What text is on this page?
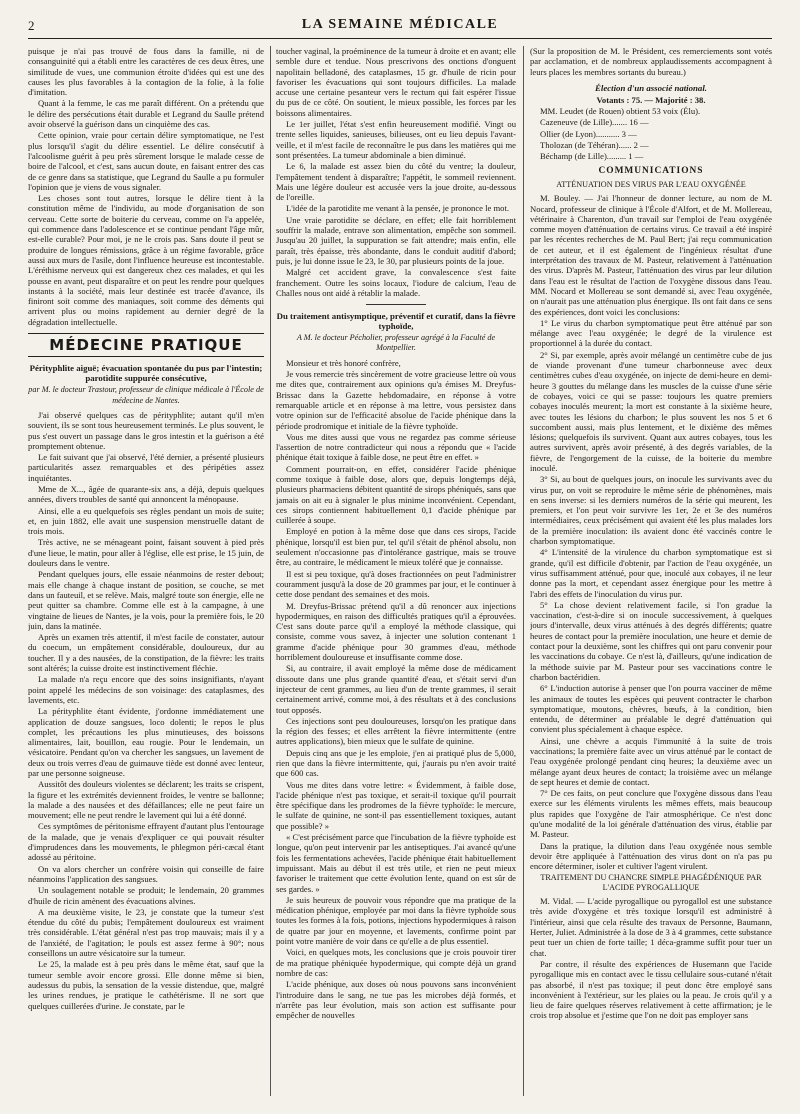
2	LA SEMAINE MÉDICALE

puisque je n'ai pas trouvé de fous dans la famille, ni de consanguinité qui a établi entre les caractères de ces deux êtres, une similitude de vues, une communion étroite d'idées qui est une des causes les plus favorables à la contagion de la folie, à la folie d'imitation.

Quant à la femme, le cas me paraît différent. On a prétendu que le délire des persécutions était durable et Legrand du Saulle prétend avoir observé la guérison dans un cinquième des cas.

Cette opinion, vraie pour certain délire symptomatique, ne l'est plus lorsqu'il s'agit du délire essentiel. Le délire consécutif à l'alcoolisme guérit à peu près sûrement lorsque le malade cesse de boire de l'alcool, et c'est, sans aucun doute, en faisant entrer des cas de ce genre dans sa statistique, que Legrand du Saulle a pu formuler l'opinion que je viens de vous signaler.

Les choses sont tout autres, lorsque le délire tient à la constitution même de l'individu, au mode d'organisation de son cerveau. Cette sorte de boiterie du cerveau, comme on l'a appelée, qui commence dans l'adolescence et se continue pendant l'âge mûr, est-elle curable? Pour moi, je ne le crois pas. Sans doute il peut se produire de longues rémissions, grâce à un régime favorable, grâce aussi aux murs de l'asile, dont l'influence heureuse est incontestable. L'éréthisme nerveux qui est dangereux chez ces malades, et qui les pousse en avant, peut disparaître et on peut les rendre pour quelques instants à la société, mais leur destinée est tracée d'avance, ils finiront soit comme des maniaques, soit comme des déments qui arrivent plus ou moins rapidement au dernier degré de la dégradation intellectuelle.

MÉDECINE PRATIQUE
Pérityphlite aiguë; évacuation spontanée du pus par l'intestin; parotidite suppurée consécutive,
par M. le docteur Trastour, professeur de clinique médicale à l'École de médecine de Nantes.

J'ai observé quelques cas de pérityphlite; autant qu'il m'en souvient, ils se sont tous heureusement terminés. Le plus souvent, le pus s'est ouvert un passage dans le gros intestin et la guérison a été promptement obtenue.

Le fait suivant que j'ai observé, l'été dernier, a présenté plusieurs particularités assez remarquables et des péripéties assez inquiétantes.

Mme de X..., âgée de quarante-six ans, a déjà, depuis quelques années, divers troubles de santé qui annoncent la ménopause.

Ainsi, elle a eu quelquefois ses règles pendant un mois de suite; et, en juin 1882, elle avait une suspension menstruelle datant de trois mois.

Très active, ne se ménageant point, faisant souvent à pied près d'une lieue, le matin, pour aller à l'église, elle est prise, le 15 juin, de douleurs dans le ventre.

Pendant quelques jours, elle essaie néanmoins de rester debout; mais elle change à chaque instant de position, se couche, se met dans un fauteuil, et se relève. Mais, malgré toute son énergie, elle ne peut quitter sa chambre. Comme elle est à la campagne, à une vingtaine de lieues de Nantes, je la vois, pour la première fois, le 20 juin, dans la matinée.

Après un examen très attentif, il m'est facile de constater, autour du coecum, un empâtement considérable, douloureux, dur au toucher. Il y a des nausées, de la constipation, de la fièvre: les traits sont altérés; la cuisse droite est instinctivement fléchie.

La malade n'a reçu encore que des soins insignifiants, n'ayant point appelé les médecins de son voisinage: des cataplasmes, des lavements, etc.

La pérityphlite étant évidente, j'ordonne immédiatement une application de douze sangsues, loco dolenti; le repos le plus complet, les précautions les plus minutieuses, des boissons alimentaires, lait, bouillon, eau rougie. Pour le lendemain, un vésicatoire. Pendant qu'on va chercher les sangsues, un lavement de deux ou trois verres d'eau de guimauve tiède est donné avec lenteur, par une personne soigneuse.

Aussitôt des douleurs violentes se déclarent; les traits se crispent, la figure et les extrémités deviennent froides, le ventre se ballonne; la malade a des nausées et des défaillances; elle ne peut faire un mouvement; elle ne peut rendre le lavement qui lui a été donné.

Ces symptômes de péritonisme effrayent d'autant plus l'entourage de la malade, que je venais d'expliquer ce qui pouvait résulter d'imprudences dans les mouvements, le phlegmon péri-cæcal étant adossé au péritoine.

On va alors chercher un confrère voisin qui conseille de faire néanmoins l'application des sangsues.

Un soulagement notable se produit; le lendemain, 20 grammes d'huile de ricin amènent des évacuations alvines.

A ma deuxième visite, le 23, je constate que la tumeur s'est étendue du côté du pubis; l'empâtement douloureux est vraiment très considérable. L'état général n'est pas trop mauvais; mais il y a de l'anxiété, de l'agitation; le pouls est assez ferme à 90°; nous conseillons un autre vésicatoire sur la tumeur.

Le 25, la malade est à peu près dans le même état, sauf que la tumeur semble avoir encore grossi. Elle donne même si bien, audessus du pubis, la sensation de la vessie distendue, que, malgré les urines rendues, je pratique le cathétérisme. Il ne sort que quelques cuillerées d'urine. Je constate, par le

toucher vaginal, la proéminence de la tumeur à droite et en avant; elle semble dure et tendue. Nous prescrivons des onctions d'onguent napolitain belladoné, des cataplasmes, 15 gr. d'huile de ricin pour favoriser les évacuations qui sont toujours difficiles. La malade accuse une certaine pesanteur vers le rectum qui fait espérer l'issue du pus de ce côté. On soutient, le mieux possible, les forces par les boissons alimentaires.

Le 1er juillet, l'état s'est enfin heureusement modifié. Vingt ou trente selles liquides, sanieuses, bilieuses, ont eu lieu depuis l'avant-veille, et il m'est facile de reconnaître le pus dans les matières qui me sont présentées. La tumeur abdominale a bien diminué.

Le 6, la malade est assez bien du côté du ventre; la douleur, l'empâtement tendent à disparaître; l'appétit, le sommeil reviennent. Mais une légère douleur est accusée vers la joue droite, au-dessous de l'oreille.

L'idée de la parotidite me venant à la pensée, je prononce le mot.

Une vraie parotidite se déclare, en effet; elle fait horriblement souffrir la malade, entrave son alimentation, empêche son sommeil. Jusqu'au 20 juillet, la suppuration se fait attendre; mais enfin, elle paraît, très épaisse, très abondante, dans le conduit auditif d'abord; puis, je lui donne issue le 23, le 30, par plusieurs points de la joue.

Malgré cet accident grave, la convalescence s'est faite franchement. Outre les soins locaux, l'iodure de calcium, l'eau de Challes nous ont aidé à rétablir la malade.

Du traitement antisymptique, préventif et curatif, dans la fièvre typhoïde,
A M. le docteur Pécholier, professeur agrégé à la Faculté de Montpellier.

Monsieur et très honoré confrère,

Je vous remercie très sincèrement de votre gracieuse lettre où vous me dites que, contrairement aux opinions qu'a émises M. Dreyfus-Brissac dans la Gazette hebdomadaire, en réponse à votre remarquable article et en réponse à ma lettre, vous persistez dans votre opinion sur de l'efficacité absolue de l'acide phénique dans la période prodromique et initiale de la fièvre typhoïde.

Vous me dites aussi que vous ne regardez pas comme sérieuse l'assertion de notre contradicteur qui nous a répondu que « l'acide phénique était toxique à faible dose, ne peut être en effet. »

Comment pourrait-on, en effet, considérer l'acide phénique comme toxique à faible dose, alors que, depuis longtemps déjà, plusieurs pharmaciens débitent quantité de sirops phéniqués, sans que jamais on ait eu à signaler le plus minime inconvénient. Cependant, ces sirops contiennent habituellement 0,1 d'acide phénique par cuillerée à soupe.

Employé en potion à la même dose que dans ces sirops, l'acide phénique, lorsqu'il est bien pur, tel qu'il s'était de phénol absolu, non seulement n'occasionne pas d'intolérance gastrique, mais se trouve être, au contraire, le médicament le mieux toléré que je connaisse.

Il est si peu toxique, qu'à doses fractionnées on peut l'administrer couramment jusqu'à la dose de 20 grammes par jour, et le continuer à cette dose pendant des semaines et des mois.

M. Dreyfus-Brissac prétend qu'il a dû renoncer aux injections hypodermiques, en raison des difficultés pratiques qu'il a éprouvées. C'est sans doute parce qu'il a employé la méthode classique, qui consiste, comme vous savez, à injecter une solution contenant 1 gramme d'acide phénique pour 30 grammes d'eau, méthode horriblement douloureuse et insuffisante comme dose.

Si, au contraire, il avait employé la même dose de médicament dissoute dans une plus grande quantité d'eau, et s'était servi d'un injecteur de cent grammes, au lieu d'un de trente grammes, il serait certainement arrivé, comme moi, à des résultats et à des conclusions tout opposés.

Ces injections sont peu douloureuses, lorsqu'on les pratique dans la région des fesses; et elles arrêtent la fièvre intermittente (entre autres applications), bien mieux que le sulfate de quinine.

Depuis cinq ans que je les emploie, j'en ai pratiqué plus de 5,000, rien que dans la fièvre intermittente, qui, j'aurais pu n'en avoir traité que 600 cas.

Vous me dites dans votre lettre: « Évidemment, à faible dose, l'acide phénique n'est pas toxique, et serait-il toxique qu'il pourrait être spécifique dans les prodromes de la fièvre typhoïde: le mercure, le sulfate de quinine, ne sont-il pas essentiellement toxiques, autant que possible? »

« C'est précisément parce que l'incubation de la fièvre typhoïde est longue, qu'on peut intervenir par les antiseptiques. J'ai avancé qu'une fois les fermentations achevées, l'acide phénique était habituellement impuissant. Mais au début il est très utile, et rien ne peut mieux favoriser le traitement que cette évolution lente, quand on est sûr de ses gardes. »

Je suis heureux de pouvoir vous répondre que ma pratique de la médication phénique, employée par moi dans la fièvre typhoïde sous toutes les formes à la fois, potions, injections hypodermiques à raison de quatre par jour en moyenne, et lavements, confirme point par point votre manière de voir dans ce qu'elle a de plus essentiel.

Voici, en quelques mots, les conclusions que je crois pouvoir tirer de ma pratique phéniquée hypodermique, qui compte déjà un grand nombre de cas:

L'acide phénique, aux doses où nous pouvons sans inconvénient l'introduire dans le sang, ne tue pas les microbes déjà formés, et n'arrête pas leur évolution, mais son action est suffisante pour empêcher de nouvelles

(Sur la proposition de M. le Président, ces remerciements sont votés par acclamation, et de nombreux applaudissements accompagnent à leurs places les membres sortants du bureau.)

Élection d'un associé national.

Votants : 75. — Majorité : 38.

MM. Leudet (de Rouen) obtient 53 voix (Élu).

Cazeneuve (de Lille)....... 16 —

Ollier (de Lyon)........... 3 —

Tholozan (de Téhéran)...... 2 —

Béchamp (de Lille)......... 1 —

COMMUNICATIONS
ATTÉNUATION DES VIRUS PAR L'EAU OXYGÉNÉE

M. Bouley. — J'ai l'honneur de donner lecture, au nom de M. Nocard, professeur de clinique à l'École d'Alfort, et de M. Mollereau, vétérinaire à Charenton, d'un travail sur l'emploi de l'eau oxygénée comme moyen d'atténuation de certains virus. Ce travail a été inspiré par les récentes recherches de M. Paul Bert; j'ai reçu communication de cet auteur, et il est également de l'ingénieux résultat d'une interprétation des travaux de M. Pasteur, relativement à l'atténuation des virus. D'après M. Pasteur, l'atténuation des virus par leur dilution dans l'eau est le résultat de l'action de l'oxygène dissous dans l'eau. MM. Nocard et Mollereau se sont demandé si, avec l'eau oxygénée, on n'aurait pas une atténuation plus énergique. Ils ont fait dans ce sens des expériences, dont voici les conclusions:

1° Le virus du charbon symptomatique peut être atténué par son mélange avec l'eau oxygénée; le degré de la virulence est proportionnel à la durée du contact.

2° Si, par exemple, après avoir mélangé un centimètre cube de jus de viande provenant d'une tumeur charbonneuse avec deux centimètres cubes d'eau oxygénée, on injecte de demi-heure en demi-heure 3 gouttes du mélange dans les muscles de la cuisse d'une série de cobayes, voici ce qui se passe: toujours les quatre premiers cobayes inoculés meurent; la mort est constante à la sixième heure, avec toutes les lésions du charbon; le plus souvent les nos 5 et 6 succombent aussi, mais plus lentement, et le dixième des mêmes lésions; quelquefois ils survivent. Quant aux autres cobayes, tous les autres survivent, après avoir présenté, à des degrés variables, de la fièvre, de l'engorgement de la cuisse, de la boiterie du membre inoculé.

3° Si, au bout de quelques jours, on inocule les survivants avec du virus pur, on voit se reproduire le même série de phénomènes, mais en sens inverse: si les derniers numéros de la série qui meurent, les premiers, et l'on peut voir survivre les 1er, 2e et 3e des numéros intermédiaires, ceux précisément qui avaient été les plus malades lors de la première inoculation: ils avaient donc été vaccinés contre le charbon symptomatique.

4° L'intensité de la virulence du charbon symptomatique est si grande, qu'il est difficile d'obtenir, par l'action de l'eau oxygénée, un virus suffisamment atténué, pour que, inoculé aux cobayes, il ne leur donne pas la mort, et cependant assez énergique pour les mettre à l'abri des effets de l'inoculation du virus pur.

5° La chose devient relativement facile, si l'on gradue la vaccination, c'est-à-dire si on inocule successivement, à quelques jours d'intervalle, deux virus atténués à des degrés différents; quatre heures de contact pour la première inoculation, une heure et demie de contact pour la deuxième, sont les chiffres qui ont paru convenir pour les vaccinations du cobaye. Ce n'est là, d'ailleurs, qu'une indication de la méthode suivie par M. Pasteur pour ses vaccinations contre le charbon bactéridien.

6° L'induction autorise à penser que l'on pourra vacciner de même les animaux de toutes les espèces qui peuvent contracter le charbon symptomatique, moutons, chèvres, bœufs, à la condition, bien entendu, de déterminer au préalable le degré d'atténuation qui convient plus spécialement à chaque espèce.

Ainsi, une chèvre a acquis l'immunité à la suite de trois vaccinations; la première faite avec un virus atténué par le contact de l'eau oxygénée prolongé pendant cinq heures; la deuxième avec un mélange ayant deux heures de contact; la troisième avec un mélange de sept heures et demie de contact.

7° De ces faits, on peut conclure que l'oxygène dissous dans l'eau exerce sur les éléments virulents les mêmes effets, mais beaucoup plus rapides que l'oxygène de l'air atmosphérique. Ce n'est donc qu'une modalité de la loi générale d'atténuation des virus, établie par M. Pasteur.

Dans la pratique, la dilution dans l'eau oxygénée nous semble devoir être appliquée à l'atténuation des virus dont on n'a pas pu encore déterminer, isoler et cultiver l'agent virulent.

TRAITEMENT DU CHANCRE SIMPLE PHAGÉDÉNIQUE PAR L'ACIDE PYROGALLIQUE

M. Vidal. — L'acide pyrogallique ou pyrogallol est une substance très avide d'oxygène et très toxique lorsqu'il est administré à l'intérieur, ainsi que cela résulte des travaux de Personne, Baumann, Herter, Juliet. Administrée à la dose de 3 à 4 grammes, cette substance peut tuer un chien de forte taille; 1 déca-gramme suffit pour tuer un chat.

Par contre, il résulte des expériences de Husemann que l'acide pyrogallique mis en contact avec le tissu cellulaire sous-cutané n'était pas absorbé, il n'est pas toxique; il peut donc être employé sans inconvénient à l'extérieur, sur les plaies ou la peau. Je crois qu'il y a lieu de faire quelques réserves relativement à cette affirmation; je le crois trop absolue et j'estime que l'on ne doit pas employer sans
